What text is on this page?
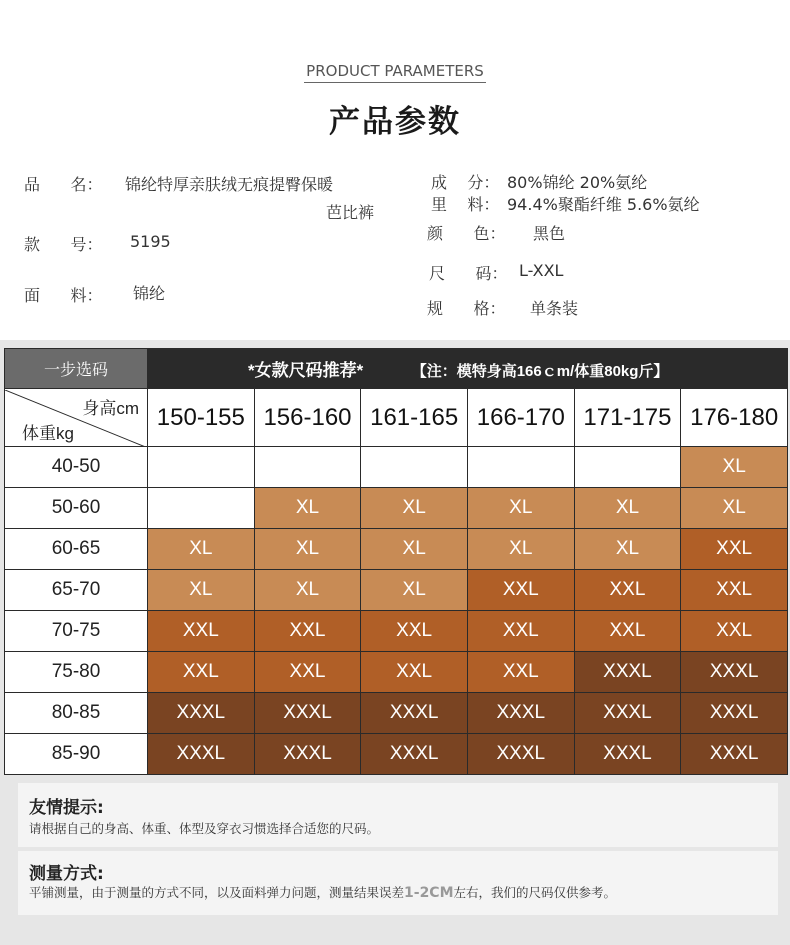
PRODUCT PARAMETERS
产品参数
品      名： 锦纶特厚亲肤绒无痕提臀保暖
芭比裤
款      号： 5195
面      料： 锦纶
成    分： 80%锦纶 20%氨纶
里    料： 94.4%聚酯纤维 5.6%氨纶
颜      色： 黑色
尺      码： L-XXL
规      格： 单条装
一步选码	*女款尺码推荐* 【注：模特身高166ｃm/体重80kg斤】					

身高cm
体重kg	150-155	156-160	161-165	166-170	171-175	176-180
40-50						XL
50-60		XL	XL	XL	XL	XL
60-65	XL	XL	XL	XL	XL	XXL
65-70	XL	XL	XL	XXL	XXL	XXL
70-75	XXL	XXL	XXL	XXL	XXL	XXL
75-80	XXL	XXL	XXL	XXL	XXXL	XXXL
80-85	XXXL	XXXL	XXXL	XXXL	XXXL	XXXL
85-90	XXXL	XXXL	XXXL	XXXL	XXXL	XXXL
友情提示:
请根据自己的身高、体重、体型及穿衣习惯选择合适您的尺码。
测量方式:
平铺测量，由于测量的方式不同，以及面料弹力问题，测量结果误差1-2CM左右，我们的尺码仅供参考。
